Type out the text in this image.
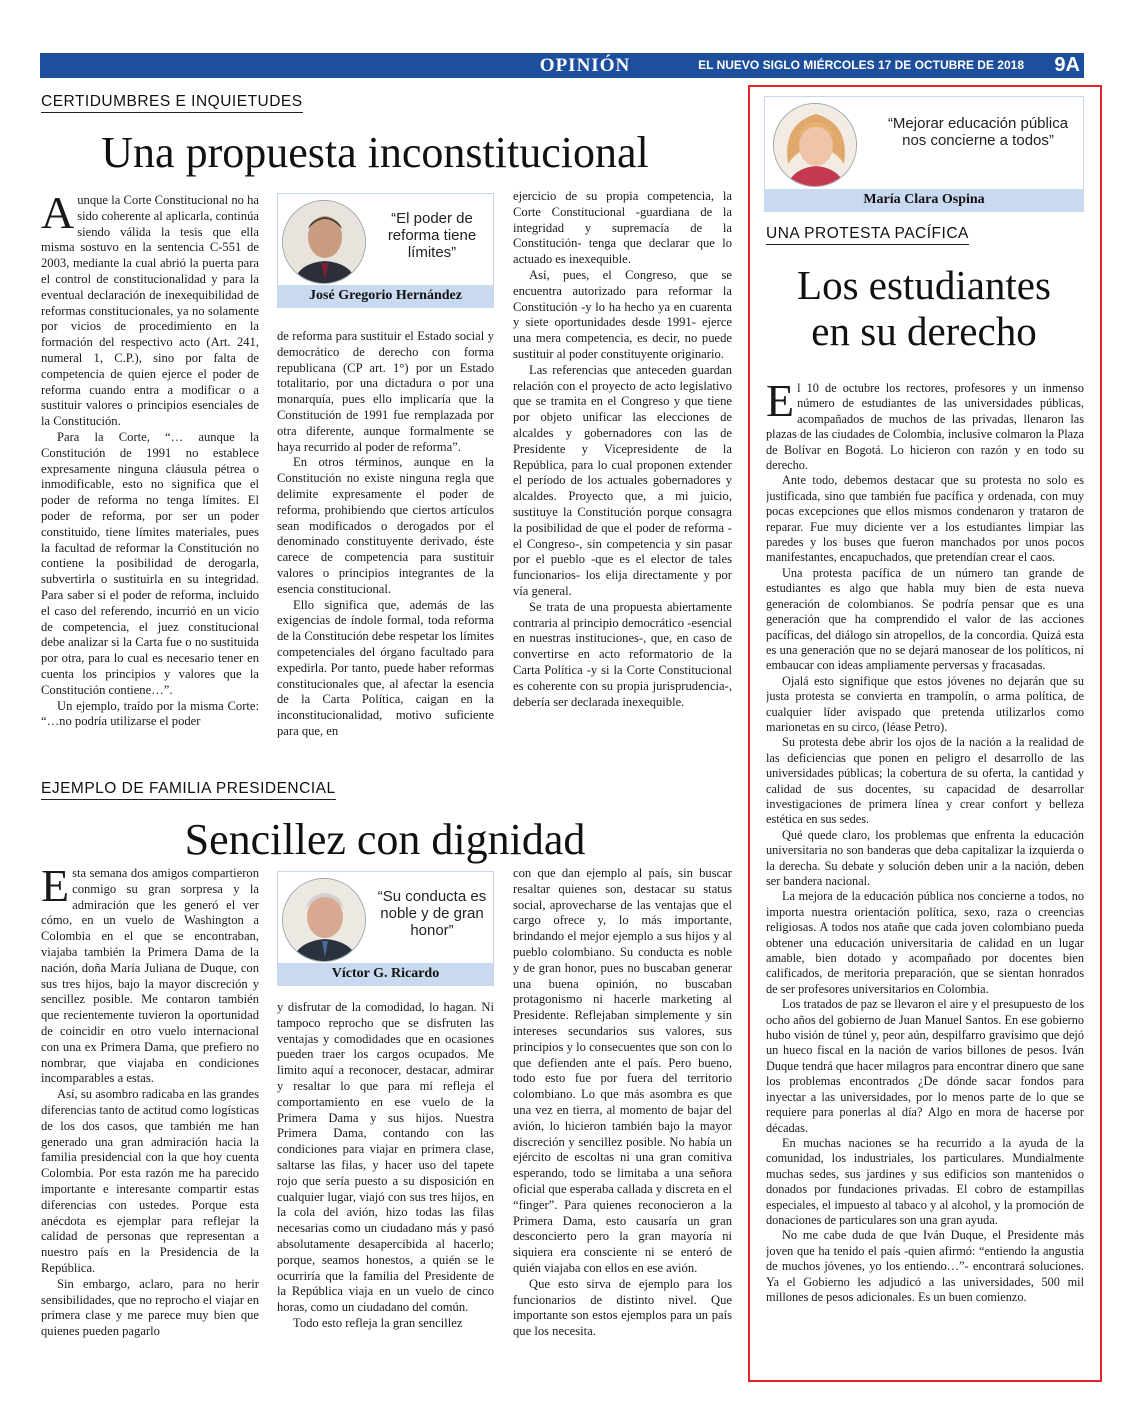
OPINIÓN	EL NUEVO SIGLO MIÉRCOLES 17 DE OCTUBRE DE 2018 9A
CERTIDUMBRES E INQUIETUDES
Una propuesta inconstitucional

Aunque la Corte Constitucional no ha sido coherente al aplicarla, continúa siendo válida la tesis que ella misma sostuvo en la sentencia C-551 de 2003, mediante la cual abrió la puerta para el control de constitucionalidad y para la eventual declaración de inexequibilidad de reformas constitucionales, ya no solamente por vicios de procedimiento en la formación del respectivo acto (Art. 241, numeral 1, C.P.), sino por falta de competencia de quien ejerce el poder de reforma cuando entra a modificar o a sustituir valores o principios esenciales de la Constitución.

Para la Corte, “… aunque la Constitución de 1991 no establece expresamente ninguna cláusula pétrea o inmodificable, esto no significa que el poder de reforma no tenga límites. El poder de reforma, por ser un poder constituido, tiene límites materiales, pues la facultad de reformar la Constitución no contiene la posibilidad de derogarla, subvertirla o sustituirla en su integridad. Para saber si el poder de reforma, incluido el caso del referendo, incurrió en un vicio de competencia, el juez constitucional debe analizar si la Carta fue o no sustituida por otra, para lo cual es necesario tener en cuenta los principios y valores que la Constitución contiene…”.

Un ejemplo, traído por la misma Corte: “…no podría utilizarse el poder

“El poder de reforma tiene límites”
José Gregorio Hernández

de reforma para sustituir el Estado social y democrático de derecho con forma republicana (CP art. 1°) por un Estado totalitario, por una dictadura o por una monarquía, pues ello implicaría que la Constitución de 1991 fue remplazada por otra diferente, aunque formalmente se haya recurrido al poder de reforma”.

En otros términos, aunque en la Constitución no existe ninguna regla que delimite expresamente el poder de reforma, prohibiendo que ciertos artículos sean modificados o derogados por el denominado constituyente derivado, éste carece de competencia para sustituir valores o principios integrantes de la esencia constitucional.

Ello significa que, además de las exigencias de índole formal, toda reforma de la Constitución debe respetar los límites competenciales del órgano facultado para expedirla. Por tanto, puede haber reformas constitucionales que, al afectar la esencia de la Carta Política, caigan en la inconstitucionalidad, motivo suficiente para que, en

ejercicio de su propia competencia, la Corte Constitucional -guardiana de la integridad y supremacía de la Constitución- tenga que declarar que lo actuado es inexequible.

Así, pues, el Congreso, que se encuentra autorizado para reformar la Constitución -y lo ha hecho ya en cuarenta y siete oportunidades desde 1991- ejerce una mera competencia, es decir, no puede sustituir al poder constituyente originario.

Las referencias que anteceden guardan relación con el proyecto de acto legislativo que se tramita en el Congreso y que tiene por objeto unificar las elecciones de alcaldes y gobernadores con las de Presidente y Vicepresidente de la República, para lo cual proponen extender el período de los actuales gobernadores y alcaldes. Proyecto que, a mi juicio, sustituye la Constitución porque consagra la posibilidad de que el poder de reforma -el Congreso-, sin competencia y sin pasar por el pueblo -que es el elector de tales funcionarios- los elija directamente y por vía general.

Se trata de una propuesta abiertamente contraria al principio democrático -esencial en nuestras instituciones-, que, en caso de convertirse en acto reformatorio de la Carta Política -y si la Corte Constitucional es coherente con su propia jurisprudencia-, debería ser declarada inexequible.

EJEMPLO DE FAMILIA PRESIDENCIAL
Sencillez con dignidad

Esta semana dos amigos compartieron conmigo su gran sorpresa y la admiración que les generó el ver cómo, en un vuelo de Washington a Colombia en el que se encontraban, viajaba también la Primera Dama de la nación, doña María Juliana de Duque, con sus tres hijos, bajo la mayor discreción y sencillez posible. Me contaron también que recientemente tuvieron la oportunidad de coincidir en otro vuelo internacional con una ex Primera Dama, que prefiero no nombrar, que viajaba en condiciones incomparables a estas.

Así, su asombro radicaba en las grandes diferencias tanto de actitud como logísticas de los dos casos, que también me han generado una gran admiración hacia la familia presidencial con la que hoy cuenta Colombia. Por esta razón me ha parecido importante e interesante compartir estas diferencias con ustedes. Porque esta anécdota es ejemplar para reflejar la calidad de personas que representan a nuestro país en la Presidencia de la República.

Sin embargo, aclaro, para no herir sensibilidades, que no reprocho el viajar en primera clase y me parece muy bien que quienes pueden pagarlo

“Su conducta es noble y de gran honor”
Víctor G. Ricardo

y disfrutar de la comodidad, lo hagan. Ni tampoco reprocho que se disfruten las ventajas y comodidades que en ocasiones pueden traer los cargos ocupados. Me limito aquí a reconocer, destacar, admirar y resaltar lo que para mí refleja el comportamiento en ese vuelo de la Primera Dama y sus hijos. Nuestra Primera Dama, contando con las condiciones para viajar en primera clase, saltarse las filas, y hacer uso del tapete rojo que sería puesto a su disposición en cualquier lugar, viajó con sus tres hijos, en la cola del avión, hizo todas las filas necesarias como un ciudadano más y pasó absolutamente desapercibida al hacerlo; porque, seamos honestos, a quién se le ocurriría que la familia del Presidente de la República viaja en un vuelo de cinco horas, como un ciudadano del común.

Todo esto refleja la gran sencillez

con que dan ejemplo al país, sin buscar resaltar quienes son, destacar su status social, aprovecharse de las ventajas que el cargo ofrece y, lo más importante, brindando el mejor ejemplo a sus hijos y al pueblo colombiano. Su conducta es noble y de gran honor, pues no buscaban generar una buena opinión, no buscaban protagonismo ni hacerle marketing al Presidente. Reflejaban simplemente y sin intereses secundarios sus valores, sus principios y lo consecuentes que son con lo que defienden ante el país. Pero bueno, todo esto fue por fuera del territorio colombiano. Lo que más asombra es que una vez en tierra, al momento de bajar del avión, lo hicieron también bajo la mayor discreción y sencillez posible. No había un ejército de escoltas ni una gran comitiva esperando, todo se limitaba a una señora oficial que esperaba callada y discreta en el “finger”. Para quienes reconocieron a la Primera Dama, esto causaría un gran desconcierto pero la gran mayoría ni siquiera era consciente ni se enteró de quién viajaba con ellos en ese avión.

Que esto sirva de ejemplo para los funcionarios de distinto nivel. Que importante son estos ejemplos para un país que los necesita.

“Mejorar educación pública nos concierne a todos”
María Clara Ospina
UNA PROTESTA PACÍFICA
Los estudiantes
en su derecho

El 10 de octubre los rectores, profesores y un inmenso número de estudiantes de las universidades públicas, acompañados de muchos de las privadas, llenaron las plazas de las ciudades de Colombia, inclusive colmaron la Plaza de Bolívar en Bogotá. Lo hicieron con razón y en todo su derecho.

Ante todo, debemos destacar que su protesta no solo es justificada, sino que también fue pacífica y ordenada, con muy pocas excepciones que ellos mismos condenaron y trataron de reparar. Fue muy diciente ver a los estudiantes limpiar las paredes y los buses que fueron manchados por unos pocos manifestantes, encapuchados, que pretendían crear el caos.

Una protesta pacífica de un número tan grande de estudiantes es algo que habla muy bien de esta nueva generación de colombianos. Se podría pensar que es una generación que ha comprendido el valor de las acciones pacíficas, del diálogo sin atropellos, de la concordia. Quizá esta es una generación que no se dejará manosear de los políticos, ni embaucar con ideas ampliamente perversas y fracasadas.

Ojalá esto signifique que estos jóvenes no dejarán que su justa protesta se convierta en trampolín, o arma política, de cualquier líder avispado que pretenda utilizarlos como marionetas en su circo, (léase Petro).

Su protesta debe abrir los ojos de la nación a la realidad de las deficiencias que ponen en peligro el desarrollo de las universidades públicas; la cobertura de su oferta, la cantidad y calidad de sus docentes, su capacidad de desarrollar investigaciones de primera línea y crear confort y belleza estética en sus sedes.

Qué quede claro, los problemas que enfrenta la educación universitaria no son banderas que deba capitalizar la izquierda o la derecha. Su debate y solución deben unir a la nación, deben ser bandera nacional.

La mejora de la educación pública nos concierne a todos, no importa nuestra orientación política, sexo, raza o creencias religiosas. A todos nos atañe que cada joven colombiano pueda obtener una educación universitaria de calidad en un lugar amable, bien dotado y acompañado por docentes bien calificados, de meritoria preparación, que se sientan honrados de ser profesores universitarios en Colombia.

Los tratados de paz se llevaron el aire y el presupuesto de los ocho años del gobierno de Juan Manuel Santos. En ese gobierno hubo visión de túnel y, peor aún, despilfarro gravísimo que dejó un hueco fiscal en la nación de varios billones de pesos. Iván Duque tendrá que hacer milagros para encontrar dinero que sane los problemas encontrados ¿De dónde sacar fondos para inyectar a las universidades, por lo menos parte de lo que se requiere para ponerlas al día? Algo en mora de hacerse por décadas.

En muchas naciones se ha recurrido a la ayuda de la comunidad, los industriales, los particulares. Mundialmente muchas sedes, sus jardines y sus edificios son mantenidos o donados por fundaciones privadas. El cobro de estampillas especiales, el impuesto al tabaco y al alcohol, y la promoción de donaciones de particulares son una gran ayuda.

No me cabe duda de que Iván Duque, el Presidente más joven que ha tenido el país -quien afirmó: “entiendo la angustia de muchos jóvenes, yo los entiendo…”- encontrará soluciones. Ya el Gobierno les adjudicó a las universidades, 500 mil millones de pesos adicionales. Es un buen comienzo.
